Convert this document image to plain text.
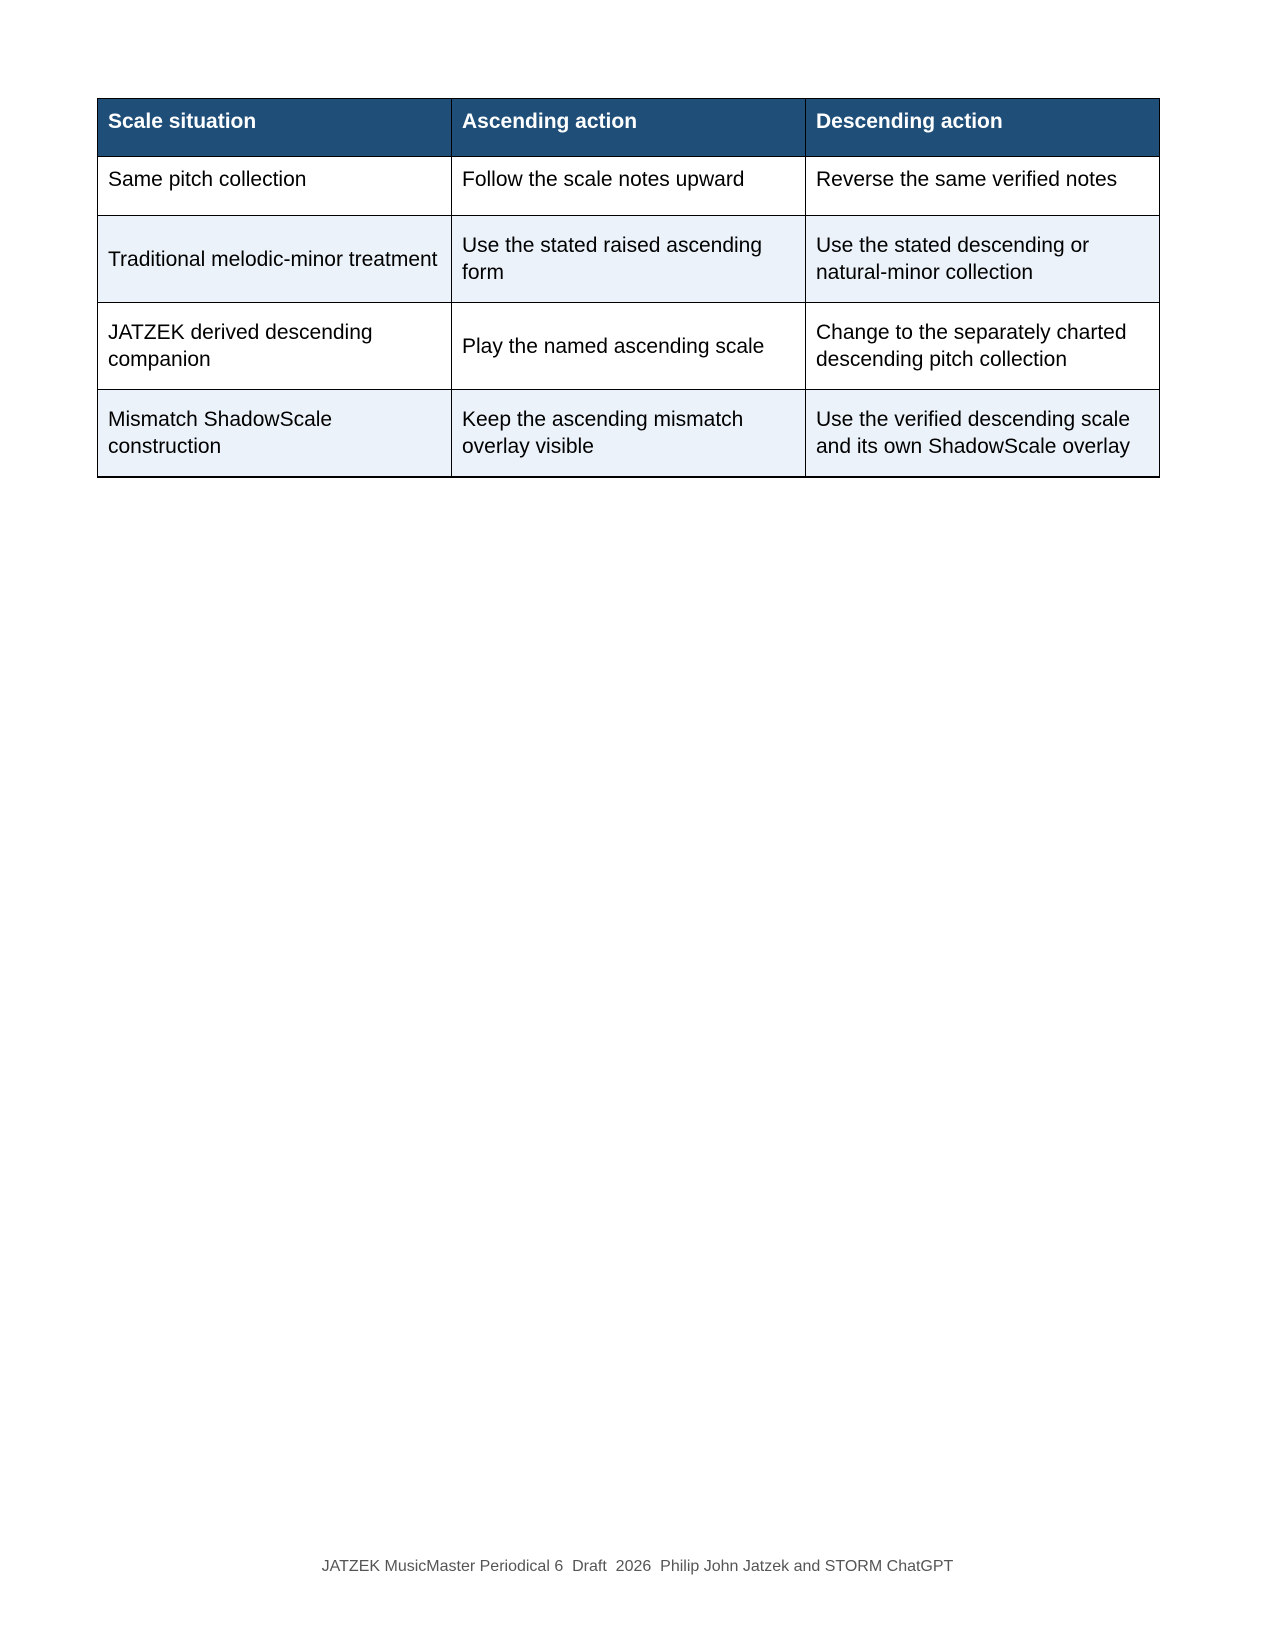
Scale situation	Ascending action	Descending action
Same pitch collection	Follow the scale notes upward	Reverse the same verified notes
Traditional melodic-minor treatment	Use the stated raised ascending form	Use the stated descending or natural-minor collection
JATZEK derived descending companion	Play the named ascending scale	Change to the separately charted descending pitch collection
Mismatch ShadowScale construction	Keep the ascending mismatch overlay visible	Use the verified descending scale and its own ShadowScale overlay
JATZEK MusicMaster Periodical 6  Draft  2026  Philip John Jatzek and STORM ChatGPT
